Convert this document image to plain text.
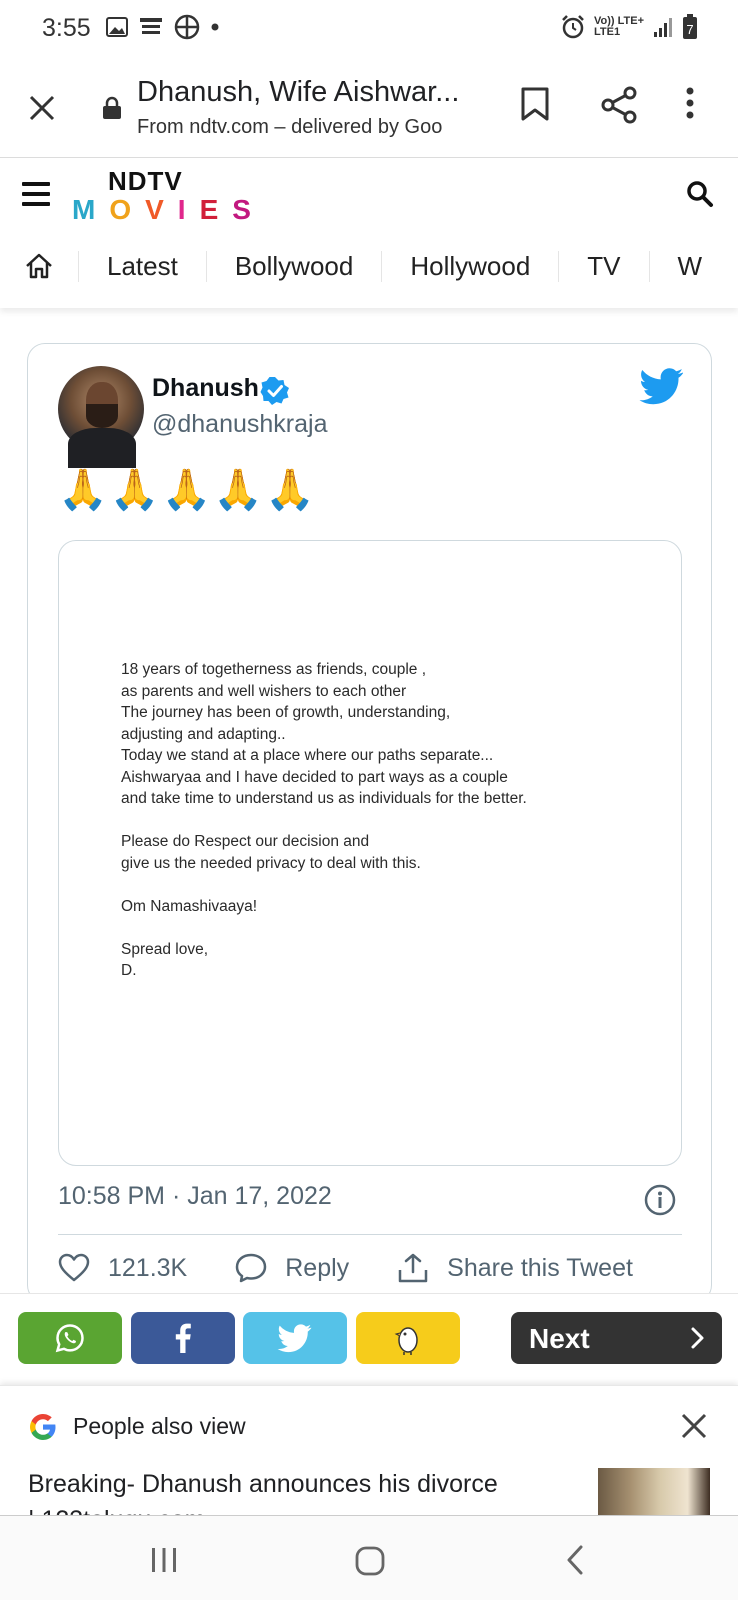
3:55	Vo)) LTE+
LTE1	7
Dhanush, Wife Aishwar...
From ndtv.com – delivered by Goo
NDTV
MOVIES
Latest	Bollywood	Hollywood	TV	W
Dhanush
@dhanushkraja
🙏🙏🙏🙏🙏

18 years of togetherness as friends, couple ,

as parents and well wishers to each other

The journey has been of growth, understanding,

adjusting and adapting..

Today we stand at a place where our paths separate...

Aishwaryaa and I have decided to part ways as a couple

and take time to understand us as individuals for the better.

Please do Respect our decision and

give us the needed privacy to deal with this.

Om Namashivaaya!

Spread love,

D.

10:58 PM · Jan 17, 2022
121.3K	Reply	Share this Tweet
Next
People also view
Breaking- Dhanush announces his divorce
